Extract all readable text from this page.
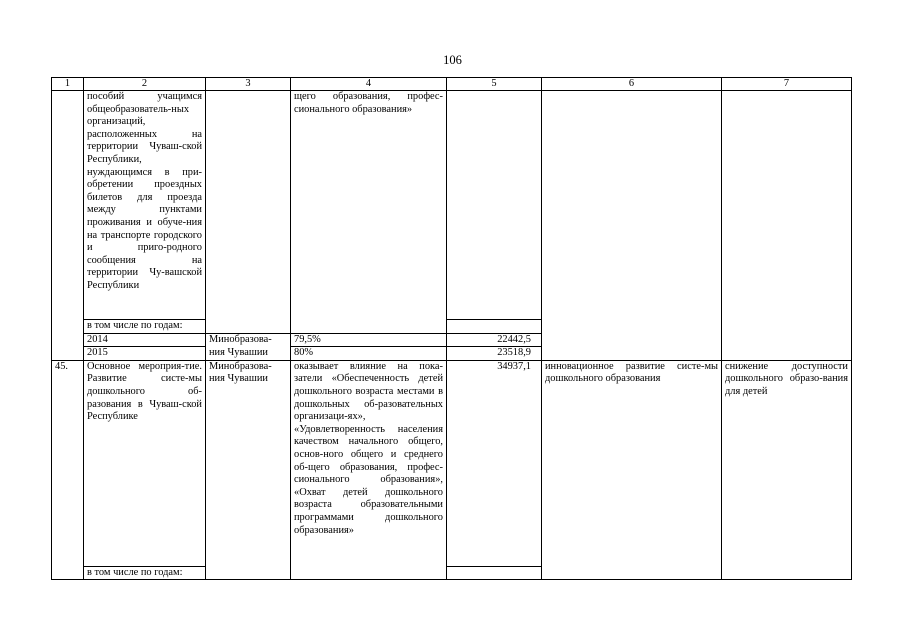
106
1	2	3	4	5	6	7
	пособий учащимся общеобразователь-ных организаций, расположенных на территории Чуваш-ской Республики, нуждающимся в при-обретении проездных билетов для проезда между пунктами проживания и обуче-ния на транспорте городского и приго-родного сообщения на территории Чу-вашской Республики		щего образования, профес-сионального образования»			
	в том числе по годам:					
	2014	Минобразова-	79,5%	22442,5		
	2015	ния Чувашии	80%	23518,9		
45.	Основное мероприя-тие. Развитие систе-мы дошкольного об-разования в Чуваш-ской Республике	Минобразова-ния Чувашии	оказывает влияние на пока-затели «Обеспеченность детей дошкольного возраста местами в дошкольных об-разовательных организаци-ях», «Удовлетворенность населения качеством начального общего, основ-ного общего и среднего об-щего образования, профес-сионального образования», «Охват детей дошкольного возраста образовательными программами дошкольного образования»	34937,1	инновационное развитие систе-мы дошкольного образования	снижение доступности дошкольного образо-вания для детей
	в том числе по годам:					
